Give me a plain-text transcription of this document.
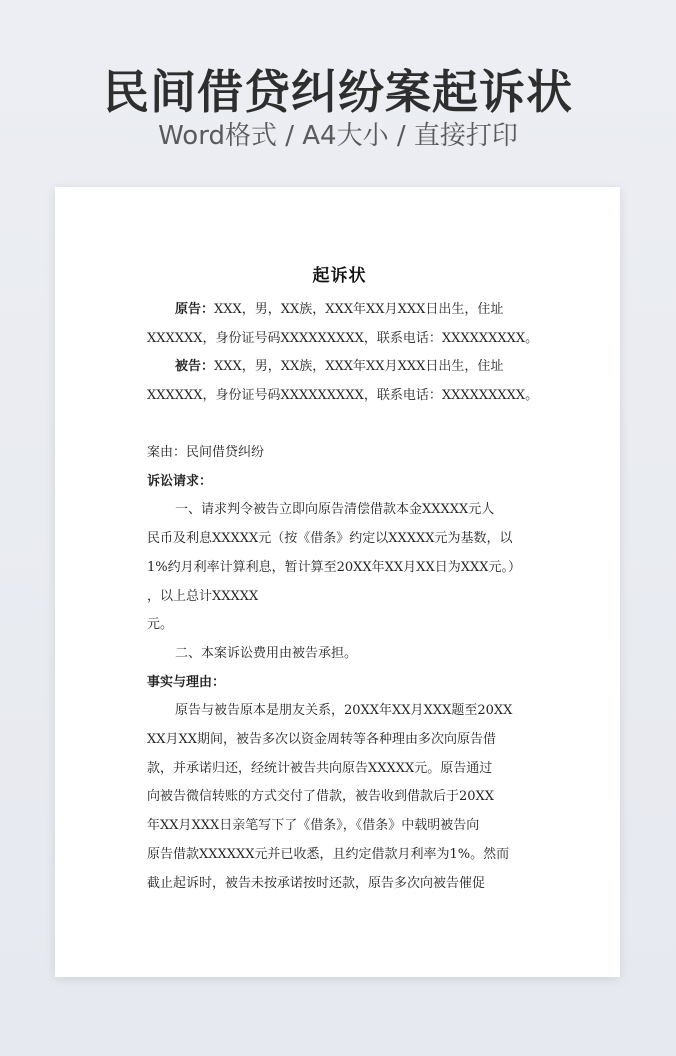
民间借贷纠纷案起诉状

Word格式 / A4大小 / 直接打印

起诉状
原告：XXX，男，XX族，XXX年XX月XXX日出生，住址
XXXXXX，身份证号码XXXXXXXXX，联系电话：XXXXXXXXX。
被告：XXX，男，XX族，XXX年XX月XXX日出生，住址
XXXXXX，身份证号码XXXXXXXXX，联系电话：XXXXXXXXX。
案由：民间借贷纠纷
诉讼请求：
一、请求判令被告立即向原告清偿借款本金XXXXX元人
民币及利息XXXXX元（按《借条》约定以XXXXX元为基数，以
1%约月利率计算利息，暂计算至20XX年XX月XX日为XXX元。）
，以上总计XXXXX
元。
二、本案诉讼费用由被告承担。
事实与理由：
原告与被告原本是朋友关系，20XX年XX月XXX题至20XX
XX月XX期间，被告多次以资金周转等各种理由多次向原告借
款，并承诺归还，经统计被告共向原告XXXXX元。原告通过
向被告微信转账的方式交付了借款，被告收到借款后于20XX
年XX月XXX日亲笔写下了《借条》，《借条》中载明被告向
原告借款XXXXXX元并已收悉，且约定借款月利率为1%。然而
截止起诉时，被告未按承诺按时还款，原告多次向被告催促
